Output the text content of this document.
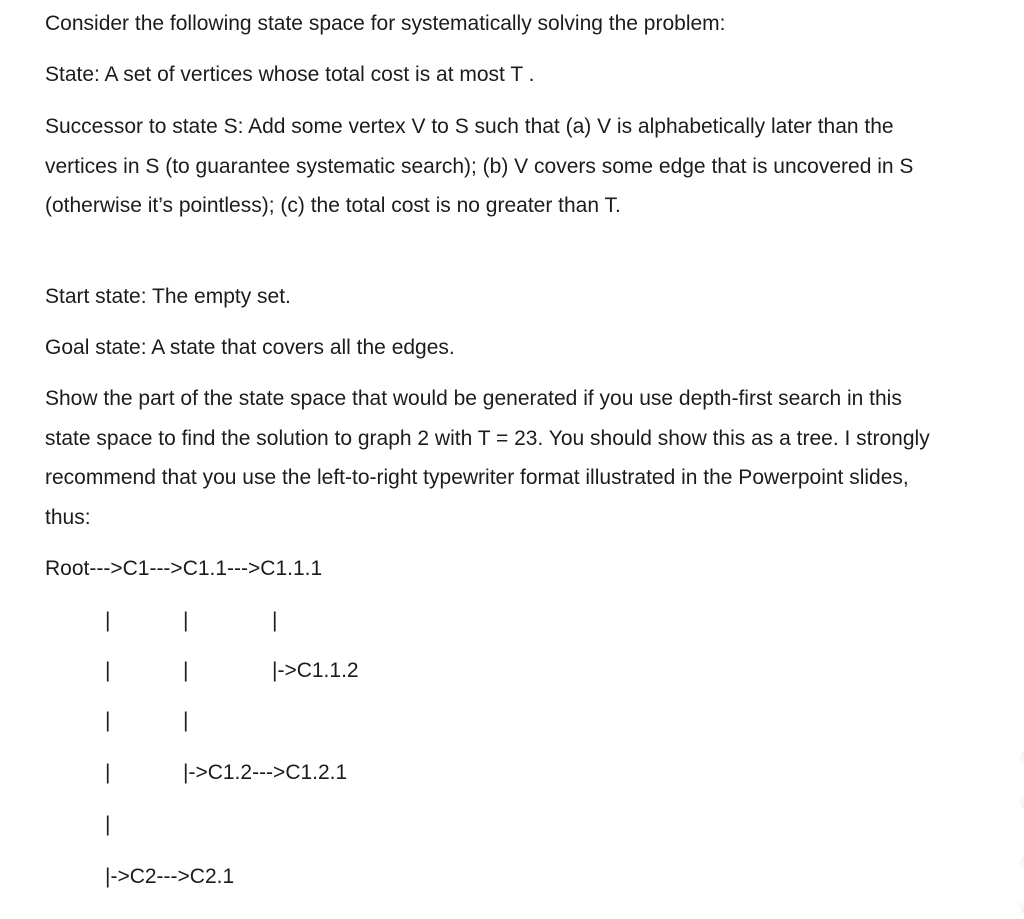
Consider the following state space for systematically solving the problem:

State: A set of vertices whose total cost is at most T .

Successor to state S: Add some vertex V to S such that (a) V is alphabetically later than the vertices in S (to guarantee systematic search); (b) V covers some edge that is uncovered in S (otherwise it’s pointless); (c) the total cost is no greater than T.

Start state: The empty set.

Goal state: A state that covers all the edges.

Show the part of the state space that would be generated if you use depth-first search in this state space to find the solution to graph 2 with T = 23. You should show this as a tree. I strongly recommend that you use the left-to-right typewriter format illustrated in the Powerpoint slides, thus:

Root--->C1--->C1.1--->C1.1.1

|	|	|

|	|	|->C1.1.2

|	|

|	|->C1.2--->C1.2.1

|

|->C2--->C2.1
